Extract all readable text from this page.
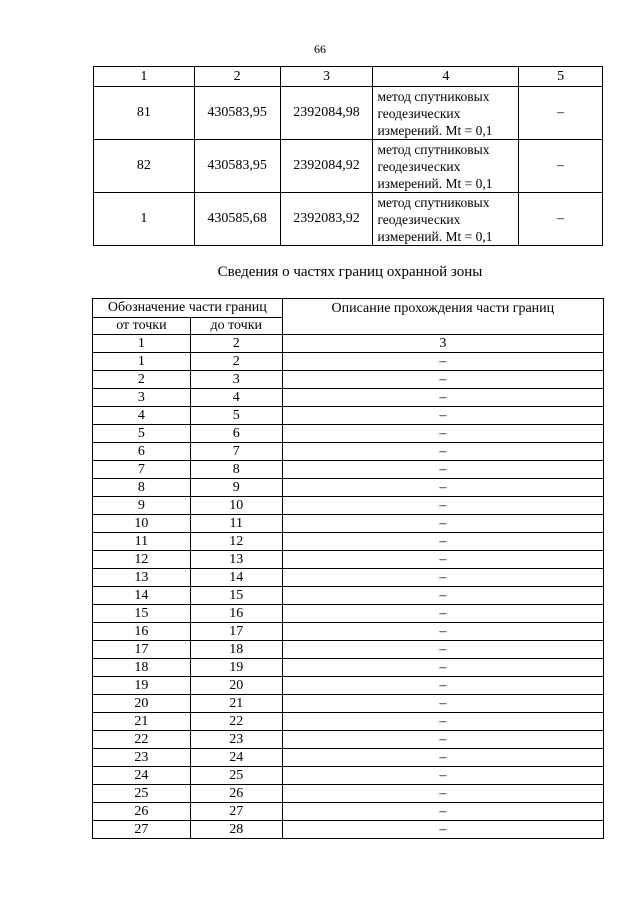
66
1	2	3	4	5
81	430583,95	2392084,98	метод спутниковых
геодезических
измерений. Mt = 0,1	–
82	430583,95	2392084,92	метод спутниковых
геодезических
измерений. Mt = 0,1	–
1	430585,68	2392083,92	метод спутниковых
геодезических
измерений. Mt = 0,1	–
Сведения о частях границ охранной зоны
Обозначение части границ		Описание прохождения части границ
от точки	до точки	
1	2	3
1	2	–
2	3	–
3	4	–
4	5	–
5	6	–
6	7	–
7	8	–
8	9	–
9	10	–
10	11	–
11	12	–
12	13	–
13	14	–
14	15	–
15	16	–
16	17	–
17	18	–
18	19	–
19	20	–
20	21	–
21	22	–
22	23	–
23	24	–
24	25	–
25	26	–
26	27	–
27	28	–
